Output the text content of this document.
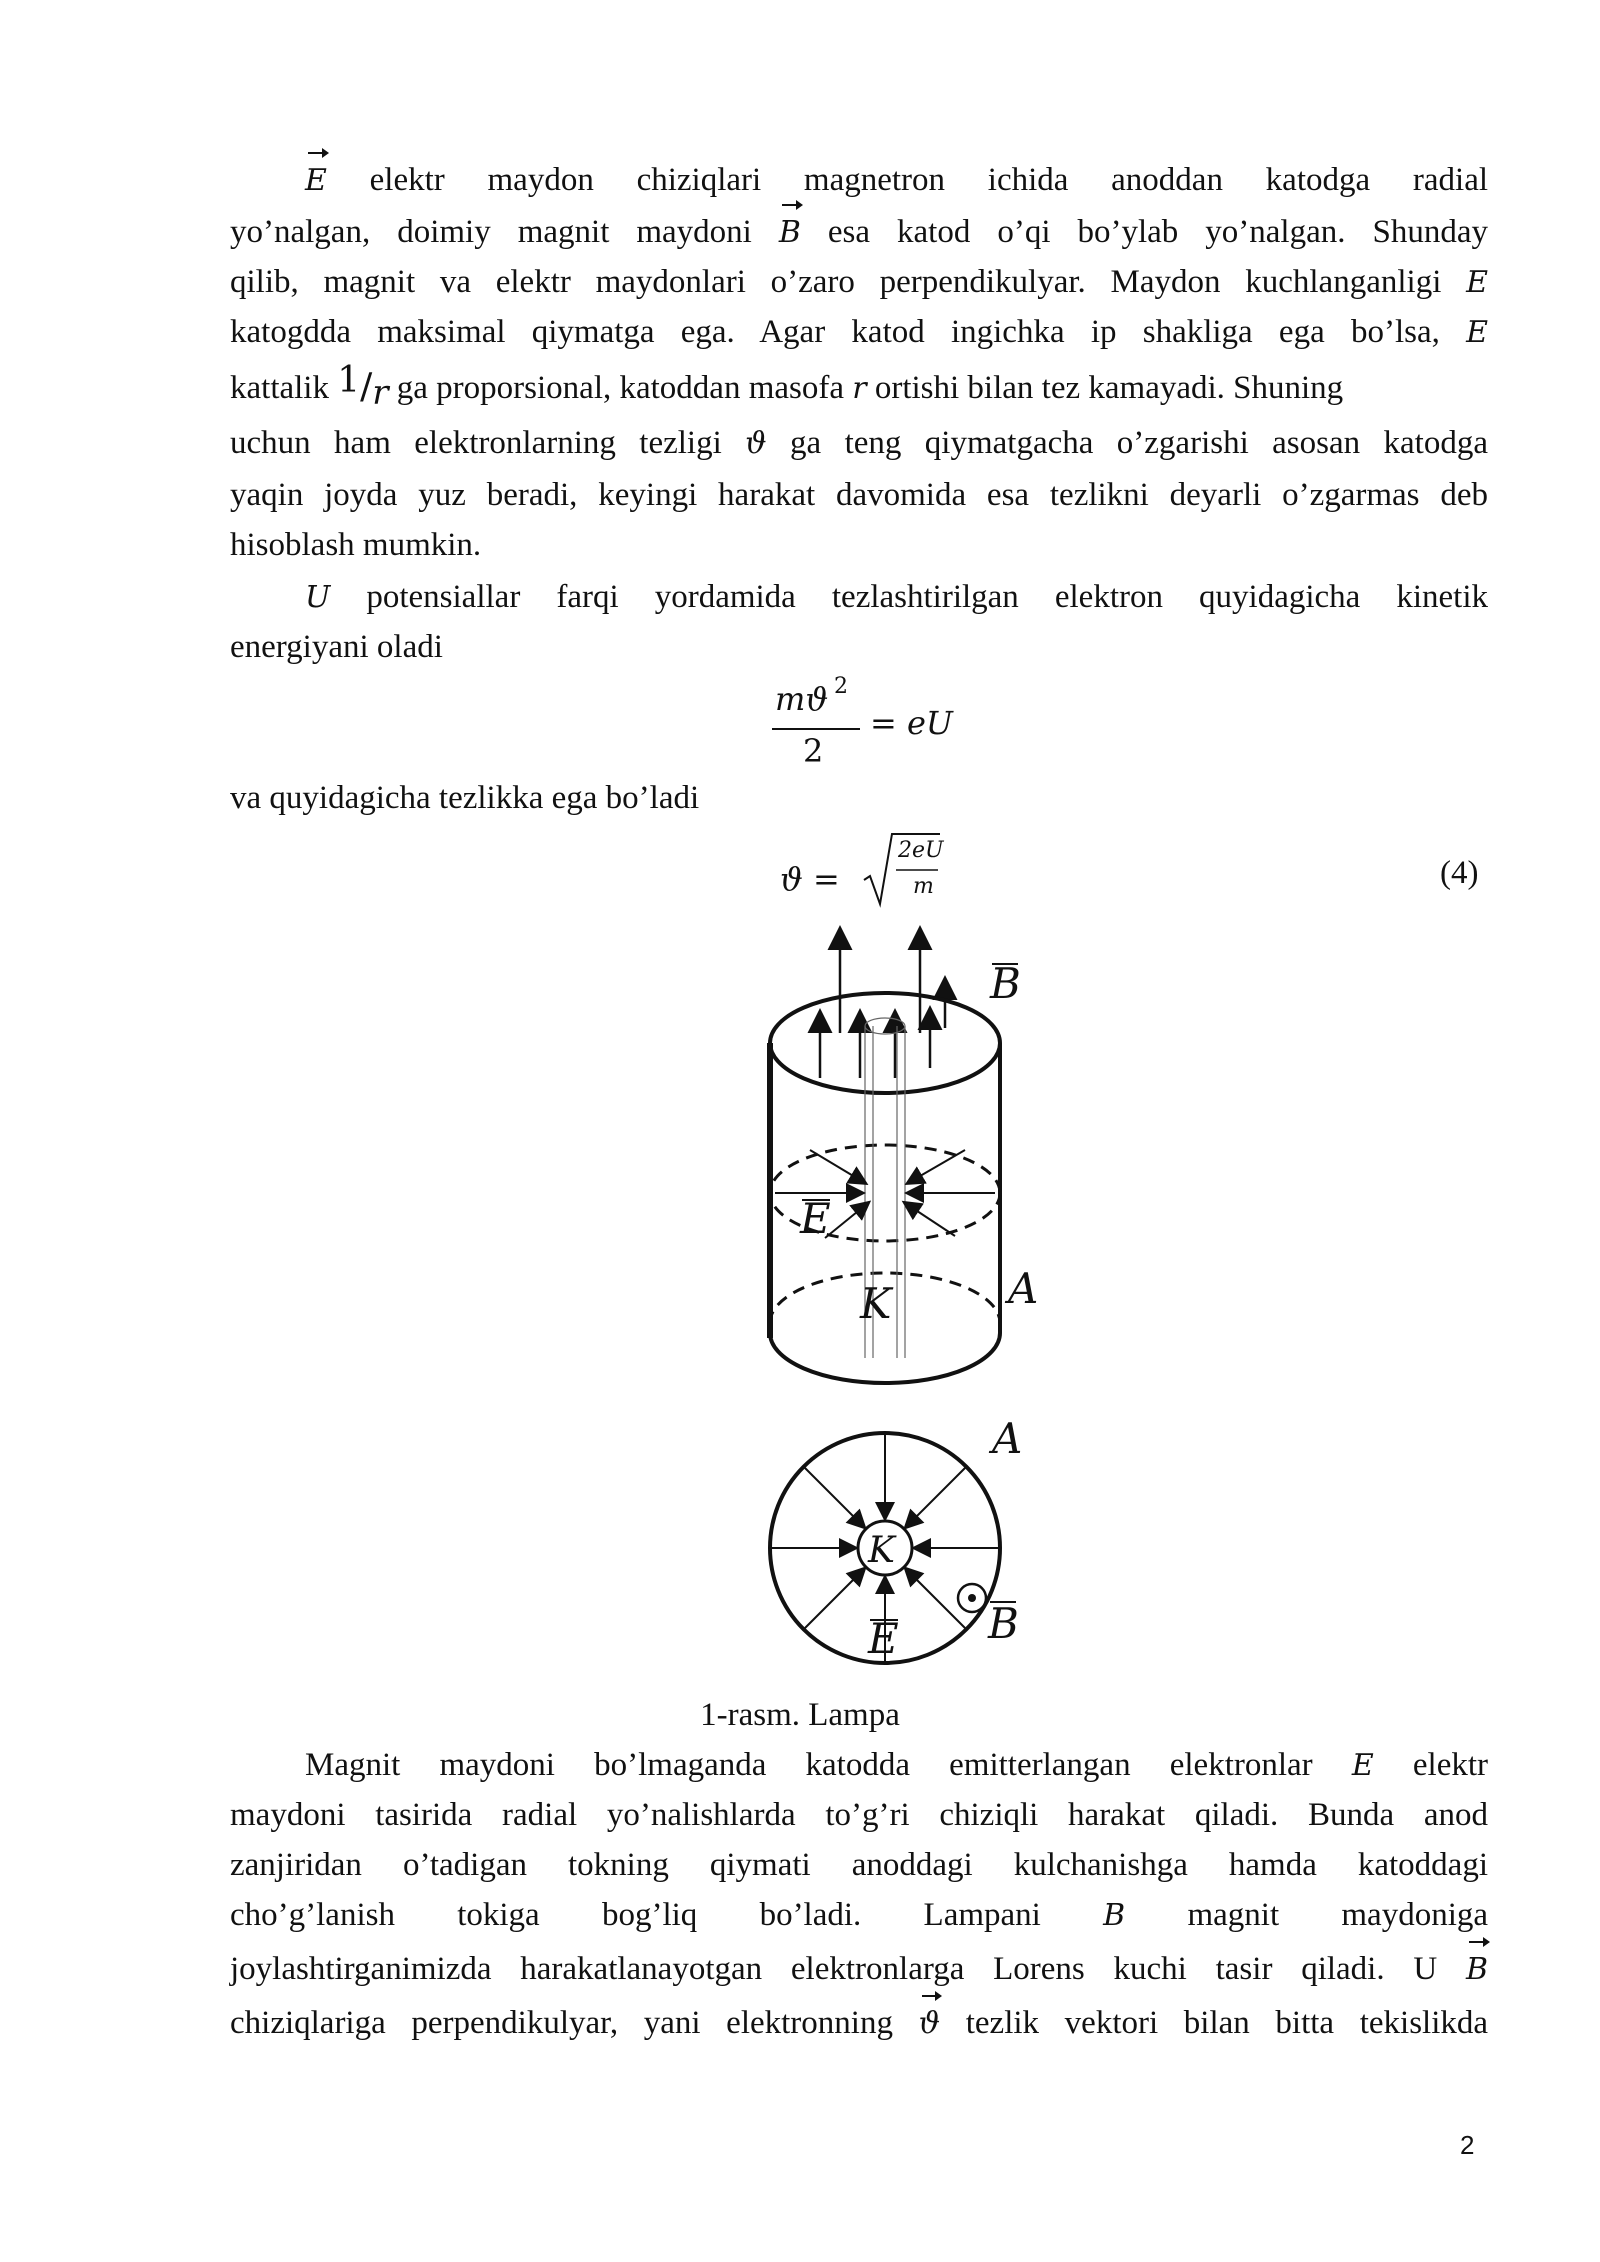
E elektr maydon chiziqlari magnetron ichida anoddan katodga radial
yo’nalgan, doimiy magnit maydoni B esa katod o’qi bo’ylab yo’nalgan. Shunday
qilib, magnit va elektr maydonlari o’zaro perpendikulyar. Maydon kuchlanganligi E
katogdda maksimal qiymatga ega. Agar katod ingichka ip shakliga ega bo’lsa, E
kattalik 1/r ga proporsional, katoddan masofa r ortishi bilan tez kamayadi. Shuning
uchun ham elektronlarning tezligi ϑ ga teng qiymatgacha o’zgarishi asosan katodga
yaqin joyda yuz beradi, keyingi harakat davomida esa tezlikni deyarli o’zgarmas deb
hisoblash mumkin.
U potensiallar farqi yordamida tezlashtirilgan elektron quyidagicha kinetik
energiyani oladi
mϑ 2
2
= eU
va quyidagicha tezlikka ega bo’ladi
ϑ =
2eU
m	(4)
B
E
A
K
A
K
B
E
1-rasm. Lampa
Magnit maydoni bo’lmaganda katodda emitterlangan elektronlar E elektr
maydoni tasirida radial yo’nalishlarda to’g’ri chiziqli harakat qiladi. Bunda anod
zanjiridan o’tadigan tokning qiymati anoddagi kulchanishga hamda katoddagi
cho’g’lanish tokiga bog’liq bo’ladi. Lampani B magnit maydoniga
joylashtirganimizda harakatlanayotgan elektronlarga Lorens kuchi tasir qiladi. U B
chiziqlariga perpendikulyar, yani elektronning ϑ tezlik vektori bilan bitta tekislikda
2
